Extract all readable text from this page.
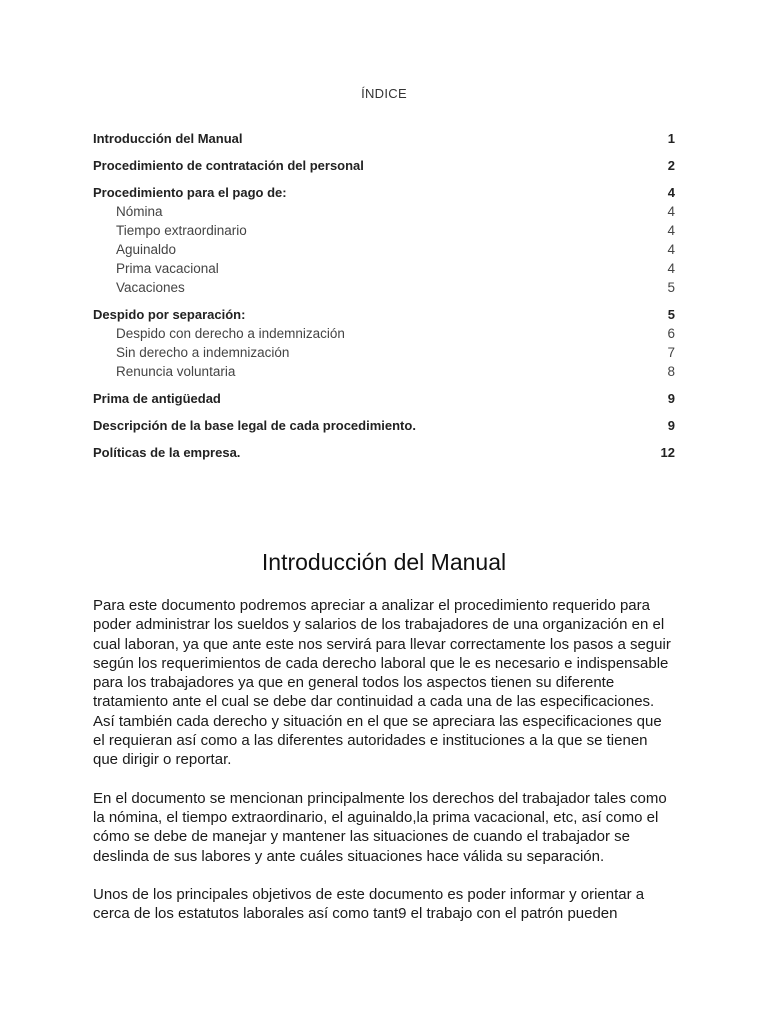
ÍNDICE

Introducción del Manual	1
Procedimiento de contratación del personal	2
Procedimiento para el pago de:	4
Nómina	4
Tiempo extraordinario	4
Aguinaldo	4
Prima vacacional	4
Vacaciones	5
Despido por separación:	5
Despido con derecho a indemnización	6
Sin derecho a indemnización	7
Renuncia voluntaria	8
Prima de antigüedad	9
Descripción de la base legal de cada procedimiento.	9
Políticas de la empresa.	12
Introducción del Manual

Para este documento podremos apreciar a analizar el procedimiento requerido para poder administrar los sueldos y salarios de los trabajadores de una organización en el cual laboran, ya que ante este nos servirá para llevar correctamente los pasos a seguir según los requerimientos de cada derecho laboral que le es necesario e indispensable para los trabajadores ya que en general todos los aspectos tienen su diferente tratamiento ante el cual se debe dar continuidad a cada una de las especificaciones. Así también cada derecho y situación en el que se apreciara las especificaciones que el requieran así como a las diferentes autoridades e instituciones a la que se tienen que dirigir o reportar.

En el documento se mencionan principalmente los derechos del trabajador tales como la nómina, el tiempo extraordinario, el aguinaldo,la prima vacacional, etc, así como el cómo se debe de manejar y mantener las situaciones de cuando el trabajador se deslinda de sus labores y ante cuáles situaciones hace válida su separación.

Unos de los principales objetivos de este documento es poder informar y orientar a cerca de los estatutos laborales así como tant9 el trabajo con el patrón pueden
